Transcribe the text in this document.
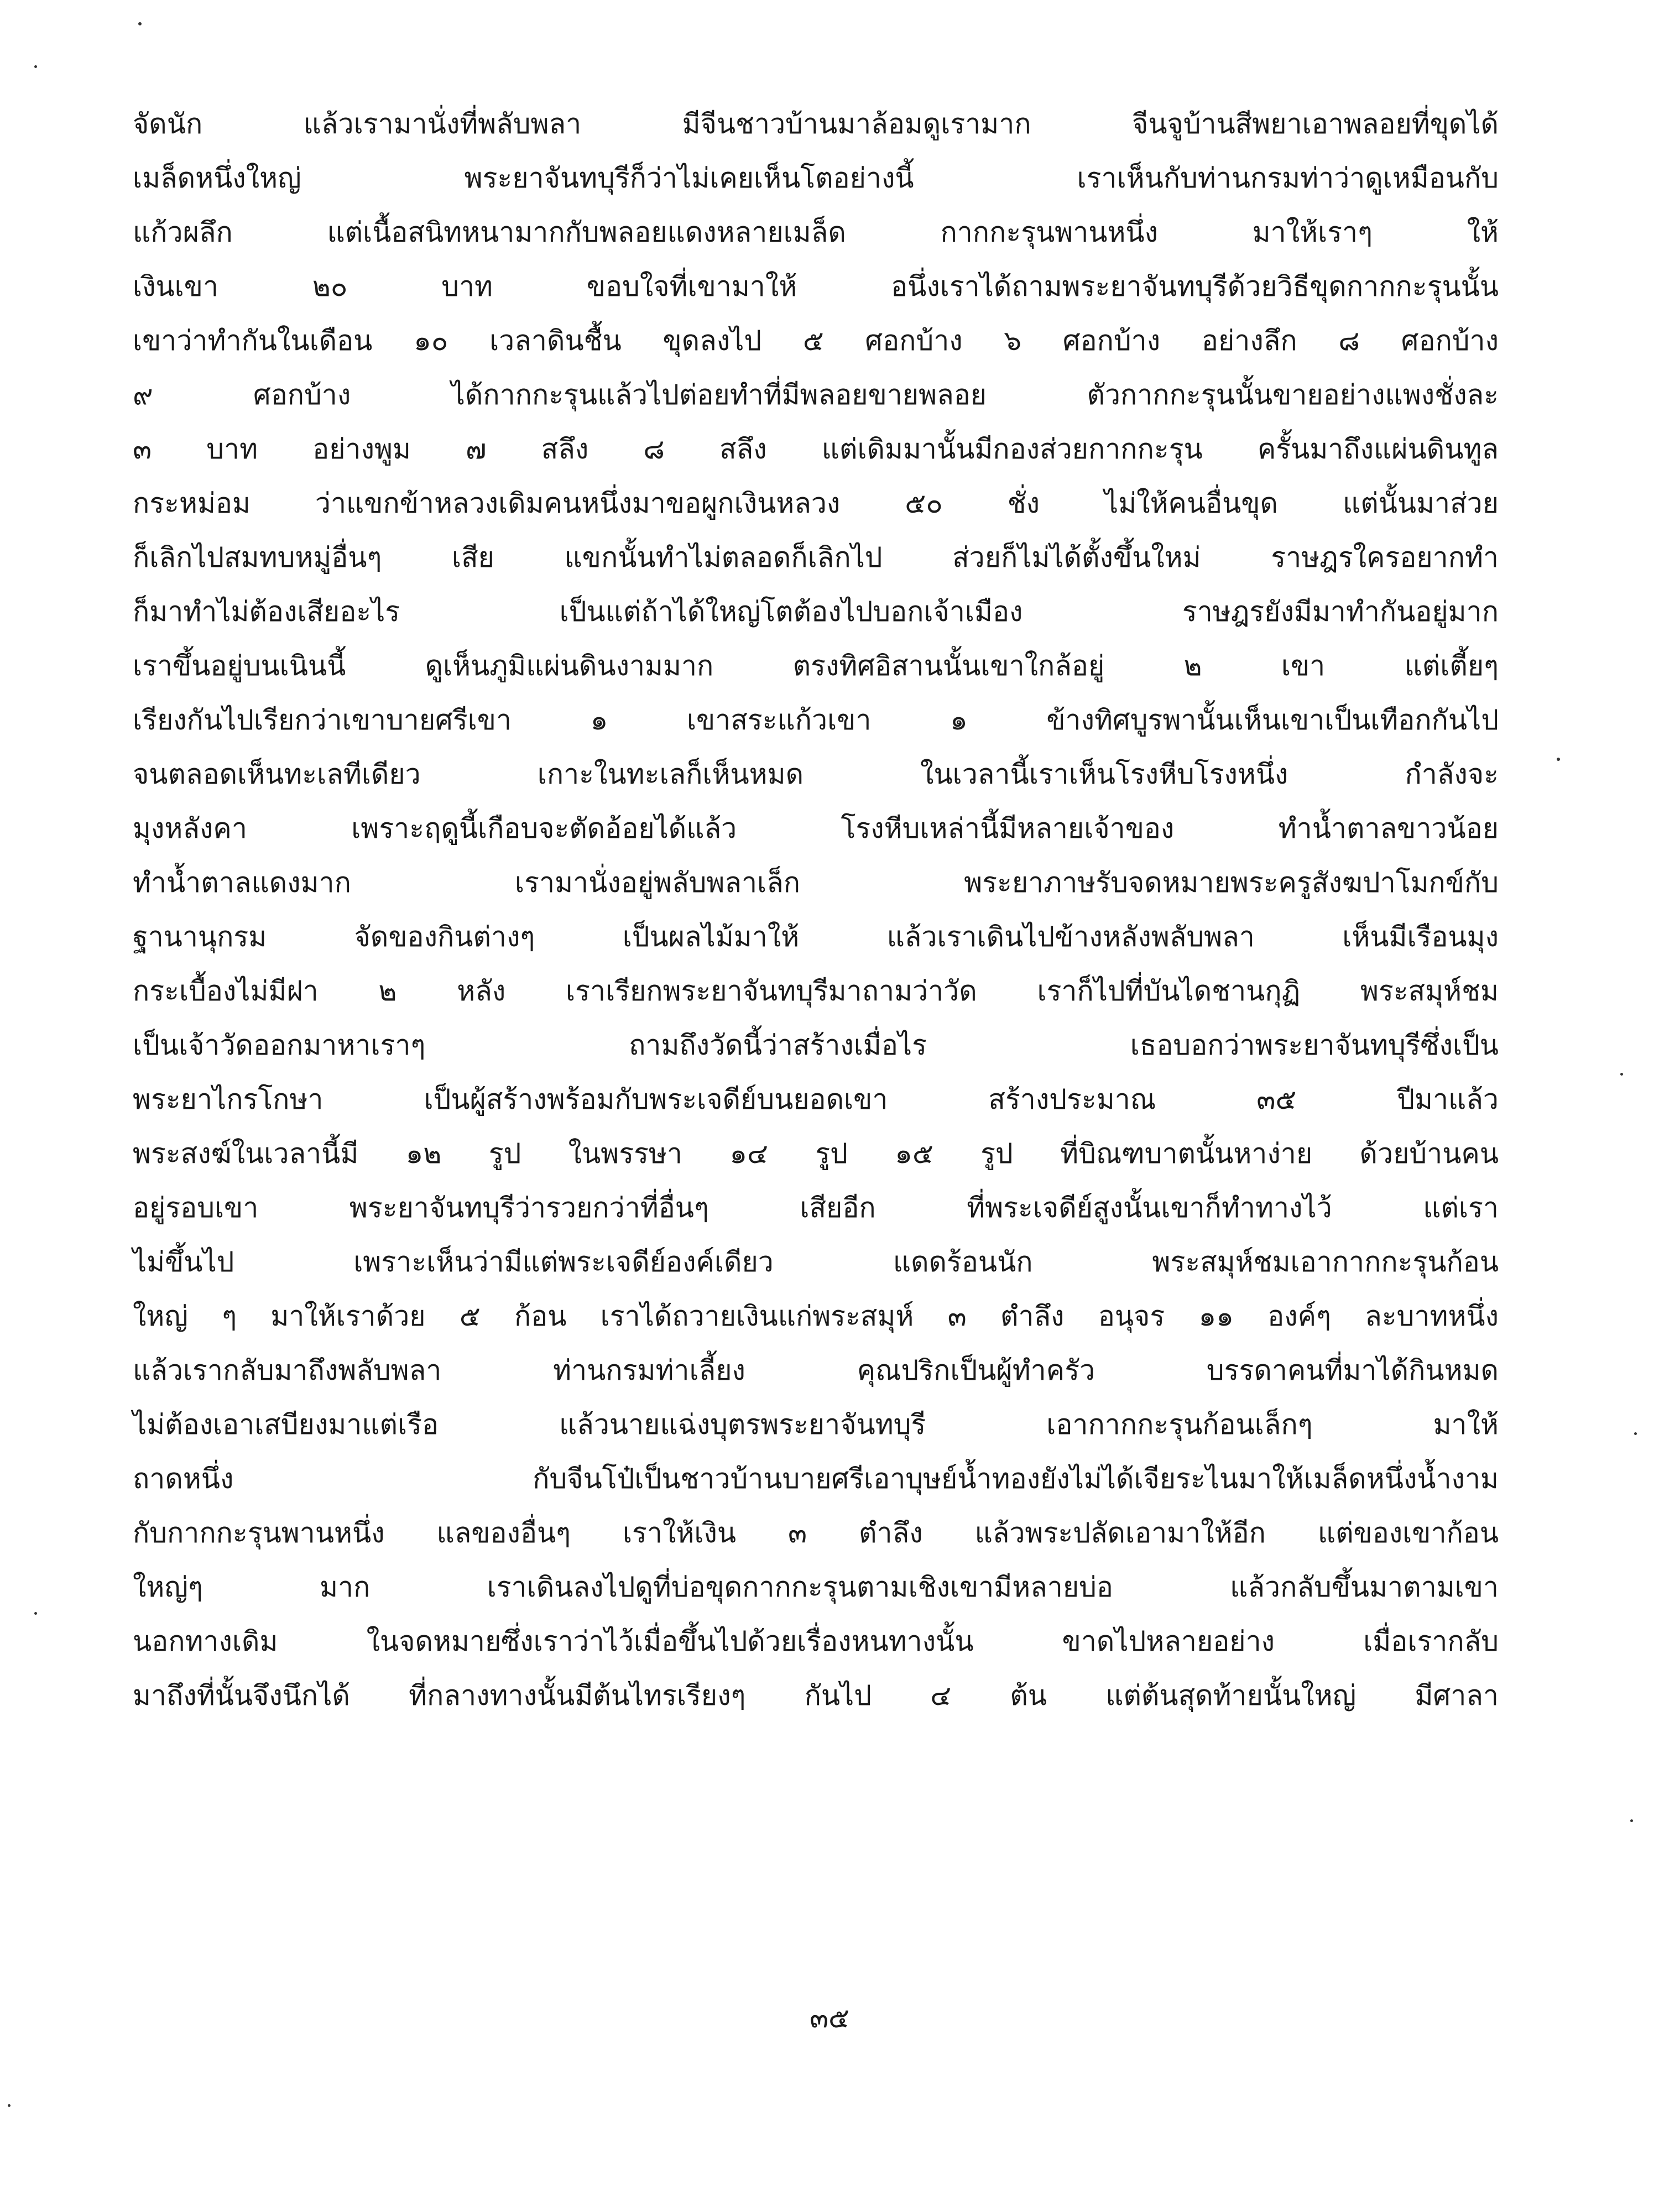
จัดนัก แล้วเรามานั่งที่พลับพลา มีจีนชาวบ้านมาล้อมดูเรามาก จีนจูบ้านสีพยาเอาพลอยที่ขุดได้
เมล็ดหนึ่งใหญ่ พระยาจันทบุรีก็ว่าไม่เคยเห็นโตอย่างนี้ เราเห็นกับท่านกรมท่าว่าดูเหมือนกับ
แก้วผลึก แต่เนื้อสนิทหนามากกับพลอยแดงหลายเมล็ด กากกะรุนพานหนึ่ง มาให้เราๆ ให้
เงินเขา ๒๐ บาท ขอบใจที่เขามาให้ อนึ่งเราได้ถามพระยาจันทบุรีด้วยวิธีขุดกากกะรุนนั้น
เขาว่าทำกันในเดือน ๑๐ เวลาดินชื้น ขุดลงไป ๕ ศอกบ้าง ๖ ศอกบ้าง อย่างลึก ๘ ศอกบ้าง
๙ ศอกบ้าง ได้กากกะรุนแล้วไปต่อยทำที่มีพลอยขายพลอย ตัวกากกะรุนนั้นขายอย่างแพงชั่งละ
๓ บาท อย่างพูม ๗ สลึง ๘ สลึง แต่เดิมมานั้นมีกองส่วยกากกะรุน ครั้นมาถึงแผ่นดินทูล
กระหม่อม ว่าแขกข้าหลวงเดิมคนหนึ่งมาขอผูกเงินหลวง ๕๐ ชั่ง ไม่ให้คนอื่นขุด แต่นั้นมาส่วย
ก็เลิกไปสมทบหมู่อื่นๆ เสีย แขกนั้นทำไม่ตลอดก็เลิกไป ส่วยก็ไม่ได้ตั้งขึ้นใหม่ ราษฎรใครอยากทำ
ก็มาทำไม่ต้องเสียอะไร เป็นแต่ถ้าได้ใหญ่โตต้องไปบอกเจ้าเมือง ราษฎรยังมีมาทำกันอยู่มาก
เราขึ้นอยู่บนเนินนี้ ดูเห็นภูมิแผ่นดินงามมาก ตรงทิศอิสานนั้นเขาใกล้อยู่ ๒ เขา แต่เตี้ยๆ
เรียงกันไปเรียกว่าเขาบายศรีเขา ๑ เขาสระแก้วเขา ๑ ข้างทิศบูรพานั้นเห็นเขาเป็นเทือกกันไป
จนตลอดเห็นทะเลทีเดียว เกาะในทะเลก็เห็นหมด ในเวลานี้เราเห็นโรงหีบโรงหนึ่ง กำลังจะ
มุงหลังคา เพราะฤดูนี้เกือบจะตัดอ้อยได้แล้ว โรงหีบเหล่านี้มีหลายเจ้าของ ทำน้ำตาลขาวน้อย
ทำน้ำตาลแดงมาก เรามานั่งอยู่พลับพลาเล็ก พระยาภาษรับจดหมายพระครูสังฆปาโมกข์กับ
ฐานานุกรม จัดของกินต่างๆ เป็นผลไม้มาให้ แล้วเราเดินไปข้างหลังพลับพลา เห็นมีเรือนมุง
กระเบื้องไม่มีฝา ๒ หลัง เราเรียกพระยาจันทบุรีมาถามว่าวัด เราก็ไปที่บันไดชานกุฏิ พระสมุห์ชม
เป็นเจ้าวัดออกมาหาเราๆ ถามถึงวัดนี้ว่าสร้างเมื่อไร เธอบอกว่าพระยาจันทบุรีซึ่งเป็น
พระยาไกรโกษา เป็นผู้สร้างพร้อมกับพระเจดีย์บนยอดเขา สร้างประมาณ ๓๕ ปีมาแล้ว
พระสงฆ์ในเวลานี้มี ๑๒ รูป ในพรรษา ๑๔ รูป ๑๕ รูป ที่บิณฑบาตนั้นหาง่าย ด้วยบ้านคน
อยู่รอบเขา พระยาจันทบุรีว่ารวยกว่าที่อื่นๆ เสียอีก ที่พระเจดีย์สูงนั้นเขาก็ทำทางไว้ แต่เรา
ไม่ขึ้นไป เพราะเห็นว่ามีแต่พระเจดีย์องค์เดียว แดดร้อนนัก พระสมุห์ชมเอากากกะรุนก้อน
ใหญ่ ๆ มาให้เราด้วย ๕ ก้อน เราได้ถวายเงินแก่พระสมุห์ ๓ ตำลึง อนุจร ๑๑ องค์ๆ ละบาทหนึ่ง
แล้วเรากลับมาถึงพลับพลา ท่านกรมท่าเลี้ยง คุณปริกเป็นผู้ทำครัว บรรดาคนที่มาได้กินหมด
ไม่ต้องเอาเสบียงมาแต่เรือ แล้วนายแฉ่งบุตรพระยาจันทบุรี เอากากกะรุนก้อนเล็กๆ มาให้
ถาดหนึ่ง กับจีนโป๋เป็นชาวบ้านบายศรีเอาบุษย์น้ำทองยังไม่ได้เจียระไนมาให้เมล็ดหนึ่งน้ำงาม
กับกากกะรุนพานหนึ่ง แลของอื่นๆ เราให้เงิน ๓ ตำลึง แล้วพระปลัดเอามาให้อีก แต่ของเขาก้อน
ใหญ่ๆ มาก เราเดินลงไปดูที่บ่อขุดกากกะรุนตามเชิงเขามีหลายบ่อ แล้วกลับขึ้นมาตามเขา
นอกทางเดิม ในจดหมายซึ่งเราว่าไว้เมื่อขึ้นไปด้วยเรื่องหนทางนั้น ขาดไปหลายอย่าง เมื่อเรากลับ
มาถึงที่นั้นจึงนึกได้ ที่กลางทางนั้นมีต้นไทรเรียงๆ กันไป ๔ ต้น แต่ต้นสุดท้ายนั้นใหญ่ มีศาลา
๓๕
